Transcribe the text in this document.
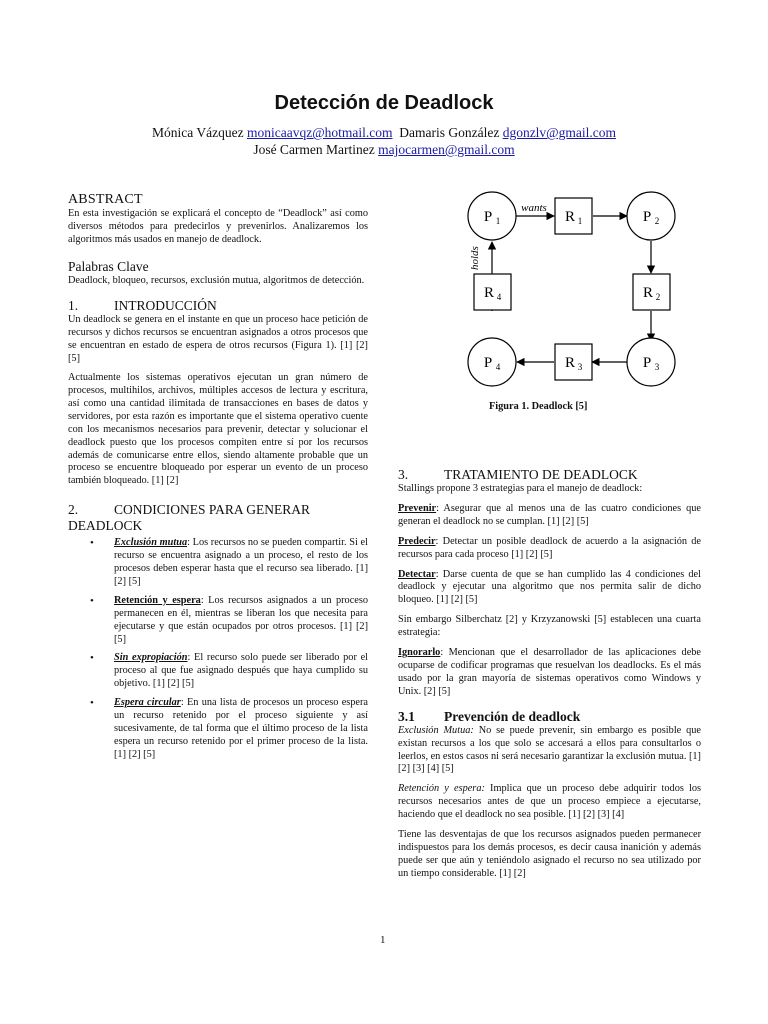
Detección de Deadlock
Mónica Vázquez monicaavqz@hotmail.com Damaris González dgonzlv@gmail.com
José Carmen Martinez majocarmen@gmail.com
ABSTRACT

En esta investigación se explicará el concepto de “Deadlock” así como diversos métodos para predecirlos y prevenirlos. Analizaremos los algoritmos más usados en manejo de deadlock.

Palabras Clave

Deadlock, bloqueo, recursos, exclusión mutua, algoritmos de detección.

1.	INTRODUCCIÓN

Un deadlock se genera en el instante en que un proceso hace petición de recursos y dichos recursos se encuentran asignados a otros procesos que se encuentran en estado de espera de otros recursos (Figura 1). [1] [2] [5]

Actualmente los sistemas operativos ejecutan un gran número de procesos, multihilos, archivos, múltiples accesos de lectura y escritura, así como una cantidad ilimitada de transacciones en bases de datos y servidores, por esta razón es importante que el sistema operativo cuente con los mecanismos necesarios para prevenir, detectar y solucionar el deadlock puesto que los procesos compiten entre sí por los recursos además de comunicarse entre ellos, siendo altamente probable que un proceso se encuentre bloqueado por esperar un evento de un proceso también bloqueado. [1] [2]

2.	CONDICIONES PARA GENERAR
DEADLOCK
• Exclusión mutua: Los recursos no se pueden compartir. Si el recurso se encuentra asignado a un proceso, el resto de los procesos deben esperar hasta que el recurso sea liberado. [1] [2] [5]
• Retención y espera: Los recursos asignados a un proceso permanecen en él, mientras se liberan los que necesita para ejecutarse y que están ocupados por otros procesos. [1] [2] [5]
• Sin expropiación: El recurso solo puede ser liberado por el proceso al que fue asignado después que haya cumplido su objetivo. [1] [2] [5]
• Espera circular: En una lista de procesos un proceso espera un recurso retenido por el proceso siguiente y así sucesivamente, de tal forma que el último proceso de la lista espera un recurso retenido por el primer proceso de la lista. [1] [2] [5]
P 1	P 2
P 3
P 4
R 1
R 2
R 3
R 4
wants
holds
Figura 1. Deadlock [5]
3.	TRATAMIENTO DE DEADLOCK

Stallings propone 3 estrategias para el manejo de deadlock:

Prevenir: Asegurar que al menos una de las cuatro condiciones que generan el deadlock no se cumplan. [1] [2] [5]

Predecir: Detectar un posible deadlock de acuerdo a la asignación de recursos para cada proceso [1] [2] [5]

Detectar: Darse cuenta de que se han cumplido las 4 condiciones del deadlock y ejecutar una algoritmo que nos permita salir de dicho bloqueo. [1] [2] [5]

Sin embargo Silberchatz [2] y Krzyzanowski [5] establecen una cuarta estrategia:

Ignorarlo: Mencionan que el desarrollador de las aplicaciones debe ocuparse de codificar programas que resuelvan los deadlocks. Es el más usado por la gran mayoría de sistemas operativos como Windows y Unix. [2] [5]

3.1	Prevención de deadlock

Exclusión Mutua: No se puede prevenir, sin embargo es posible que existan recursos a los que solo se accesará a ellos para consultarlos o leerlos, en estos casos ni será necesario garantizar la exclusión mutua. [1] [2] [3] [4] [5]

Retención y espera: Implica que un proceso debe adquirir todos los recursos necesarios antes de que un proceso empiece a ejecutarse, haciendo que el deadlock no sea posible. [1] [2] [3] [4]

Tiene las desventajas de que los recursos asignados pueden permanecer indispuestos para los demás procesos, es decir causa inanición y además puede ser que aún y teniéndolo asignado el recurso no sea utilizado por un tiempo considerable. [1] [2]

1
